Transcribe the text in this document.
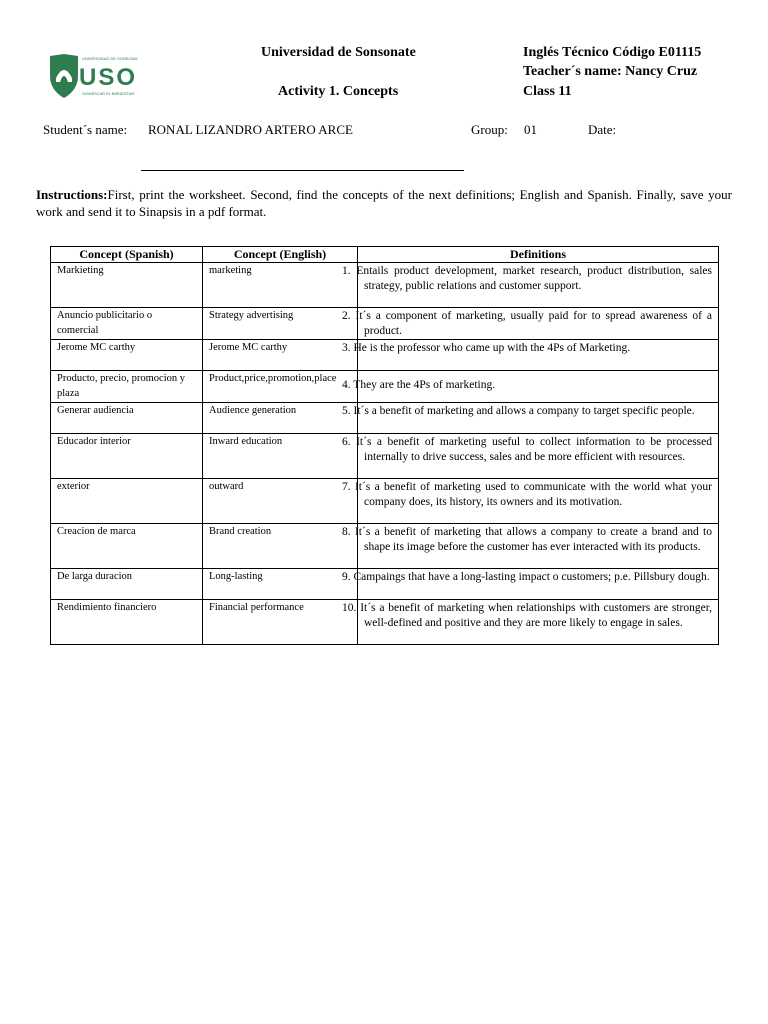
UNIVERSIDAD DE SONSONATE
USO
SIGNIFICAR EL BIENESTAR
Universidad de Sonsonate
Activity 1. Concepts
Inglés Técnico Código E01115
Teacher´s name: Nancy Cruz
Class 11
Student´s name: RONAL LIZANDRO ARTERO ARCE	Group: 01	Date:
Instructions:First, print the worksheet. Second, find the concepts of the next definitions; English and Spanish. Finally, save your work and send it to Sinapsis in a pdf format.
Concept (Spanish)	Concept (English)	Definitions
Markieting	marketing	1. Entails product development, market research, product distribution, sales strategy, public relations and customer support.
Anuncio publicitario o comercial	Strategy advertising	2. It´s a component of marketing, usually paid for to spread awareness of a product.
Jerome MC carthy	Jerome MC carthy	3. He is the professor who came up with the 4Ps of Marketing.
Producto, precio, promocion y plaza	Product,price,promotion,place	4. They are the 4Ps of marketing.
Generar audiencia	Audience generation	5. It´s a benefit of marketing and allows a company to target specific people.
Educador interior	Inward education	6. It´s a benefit of marketing useful to collect information to be processed internally to drive success, sales and be more efficient with resources.
exterior	outward	7. It´s a benefit of marketing used to communicate with the world what your company does, its history, its owners and its motivation.
Creacion de marca	Brand creation	8. It´s a benefit of marketing that allows a company to create a brand and to shape its image before the customer has ever interacted with its products.
De larga duracion	Long-lasting	9. Campaings that have a long-lasting impact o customers; p.e. Pillsbury dough.
Rendimiento financiero	Financial performance	10. It´s a benefit of marketing when relationships with customers are stronger, well-defined and positive and they are more likely to engage in sales.
